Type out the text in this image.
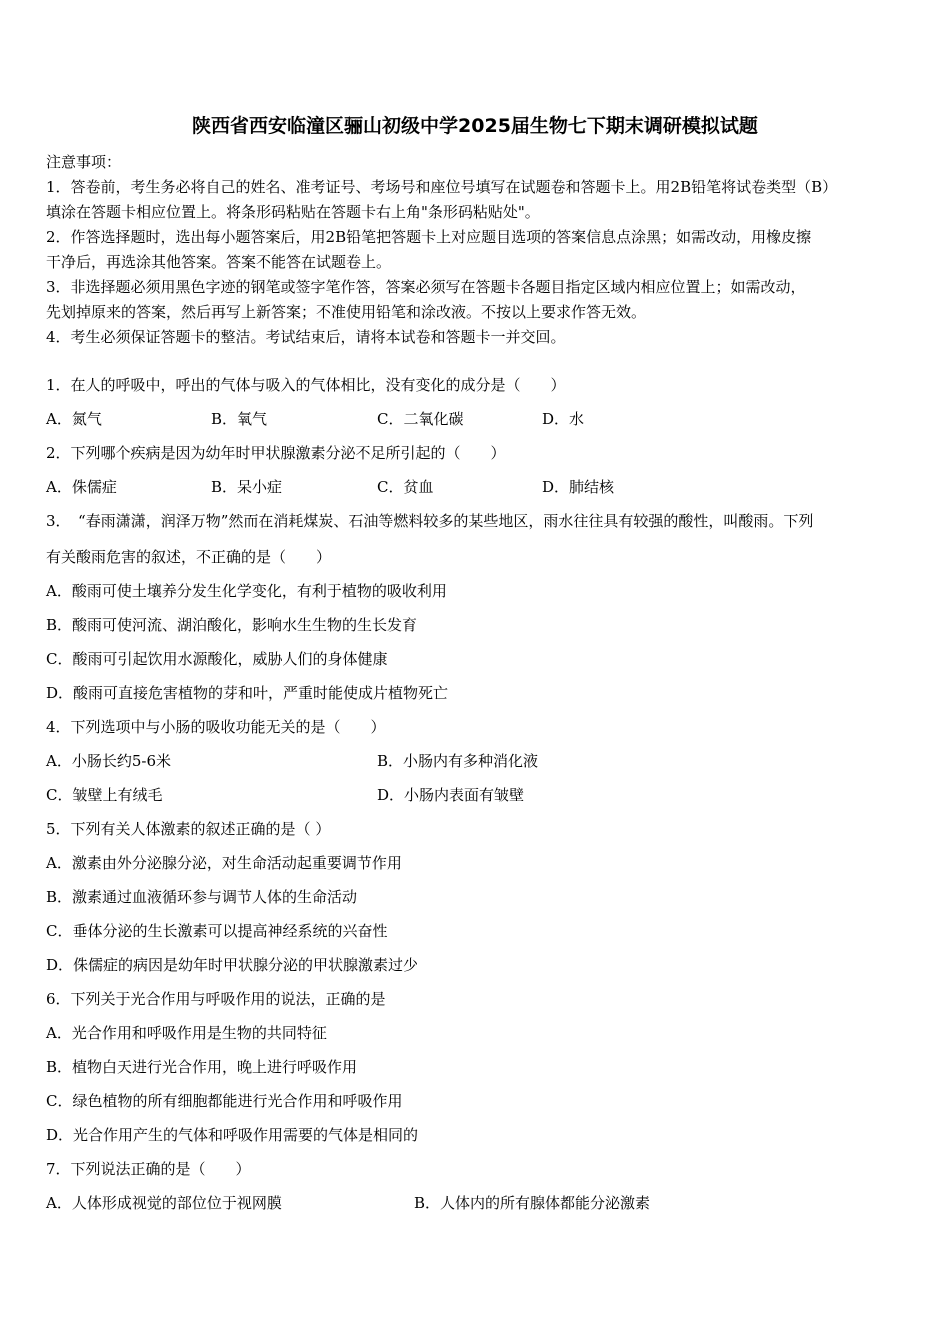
陕西省西安临潼区骊山初级中学2025届生物七下期末调研模拟试题
注意事项：
1．答卷前，考生务必将自己的姓名、准考证号、考场号和座位号填写在试题卷和答题卡上。用2B铅笔将试卷类型（B）
填涂在答题卡相应位置上。将条形码粘贴在答题卡右上角"条形码粘贴处"。
2．作答选择题时，选出每小题答案后，用2B铅笔把答题卡上对应题目选项的答案信息点涂黑；如需改动，用橡皮擦
干净后，再选涂其他答案。答案不能答在试题卷上。
3．非选择题必须用黑色字迹的钢笔或签字笔作答，答案必须写在答题卡各题目指定区域内相应位置上；如需改动，
先划掉原来的答案，然后再写上新答案；不准使用铅笔和涂改液。不按以上要求作答无效。
4．考生必须保证答题卡的整洁。考试结束后，请将本试卷和答题卡一并交回。
1．在人的呼吸中，呼出的气体与吸入的气体相比，没有变化的成分是（　　）
A．氮气	B．氧气	C．二氧化碳	D．水
2．下列哪个疾病是因为幼年时甲状腺激素分泌不足所引起的（　　）
A．侏儒症	B．呆小症	C．贫血	D．肺结核
3．　“春雨潇潇，润泽万物”然而在消耗煤炭、石油等燃料较多的某些地区，雨水往往具有较强的酸性，叫酸雨。下列
有关酸雨危害的叙述，不正确的是（　　）
A．酸雨可使土壤养分发生化学变化，有利于植物的吸收利用
B．酸雨可使河流、湖泊酸化，影响水生生物的生长发育
C．酸雨可引起饮用水源酸化，威胁人们的身体健康
D．酸雨可直接危害植物的芽和叶，严重时能使成片植物死亡
4．下列选项中与小肠的吸收功能无关的是（　　）
A．小肠长约5-6米	B．小肠内有多种消化液
C．皱壁上有绒毛	D．小肠内表面有皱壁
5．下列有关人体激素的叙述正确的是（ ）
A．激素由外分泌腺分泌，对生命活动起重要调节作用
B．激素通过血液循环参与调节人体的生命活动
C．垂体分泌的生长激素可以提高神经系统的兴奋性
D．侏儒症的病因是幼年时甲状腺分泌的甲状腺激素过少
6．下列关于光合作用与呼吸作用的说法，正确的是
A．光合作用和呼吸作用是生物的共同特征
B．植物白天进行光合作用，晚上进行呼吸作用
C．绿色植物的所有细胞都能进行光合作用和呼吸作用
D．光合作用产生的气体和呼吸作用需要的气体是相同的
7．下列说法正确的是（　　）
A．人体形成视觉的部位位于视网膜	B．人体内的所有腺体都能分泌激素
